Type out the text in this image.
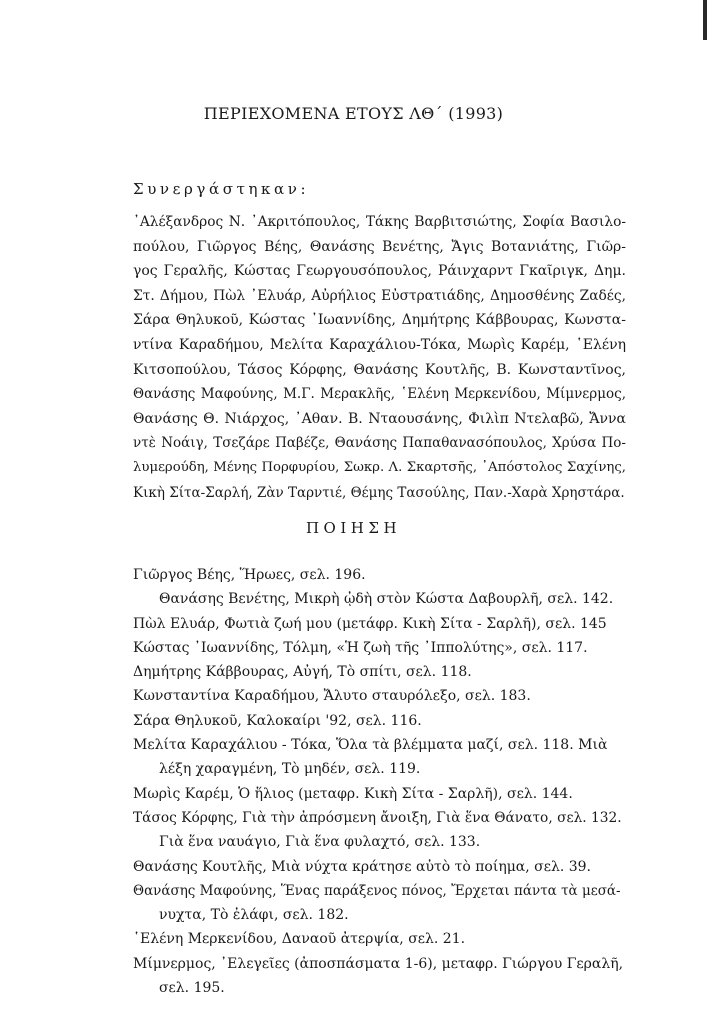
ΠΕΡΙΕΧΟΜΕΝΑ ΕΤΟΥΣ ΛΘ΄ (1993)
Συνεργάστηκαν:
᾿Αλέξανδρος Ν. ᾿Ακριτόπουλος, Τάκης Βαρβιτσιώτης, Σοφία Βασιλο-
πούλου, Γιῶργος Βέης, Θανάσης Βενέτης, Ἄγις Βοτανιάτης, Γιῶρ-
γος Γεραλῆς, Κώστας Γεωργουσόπουλος, Ράινχαρντ Γκαῖριγκ, Δημ.
Στ. Δήμου, Πὼλ ᾿Ελυάρ, Αὐρήλιος Εὐστρατιάδης, Δημοσθένης Ζαδές,
Σάρα Θηλυκοῦ, Κώστας ᾿Ιωαννίδης, Δημήτρης Κάββουρας, Κωνστα-
ντίνα Καραδήμου, Μελίτα Καραχάλιου-Τόκα, Μωρὶς Καρέμ, ῾Ελένη
Κιτσοπούλου, Τάσος Κόρφης, Θανάσης Κουτλῆς, Β. Κωνσταντῖνος,
Θανάσης Μαφούνης, Μ.Γ. Μερακλῆς, ῾Ελένη Μερκενίδου, Μίμνερμος,
Θανάσης Θ. Νιάρχος, ᾿Αθαν. Β. Νταουσάνης, Φιλὶπ Ντελαβῶ, Ἄννα
ντὲ Νοάιγ, Τσεζάρε Παβέζε, Θανάσης Παπαθανασόπουλος, Χρύσα Πο-
λυμερούδη, Μένης Πορφυρίου, Σωκρ. Λ. Σκαρτσῆς, ᾿Απόστολος Σαχίνης,
Κικὴ Σίτα-Σαρλή, Ζὰν Ταρντιέ, Θέμης Τασούλης, Παν.-Χαρὰ Χρηστάρα.
ΠΟΙΗΣΗ
Γιῶργος Βέης, Ἥρωες, σελ. 196.
Θανάσης Βενέτης, Μικρὴ ᾠδὴ στὸν Κώστα Δαβουρλῆ, σελ. 142.
Πὼλ Ελυάρ, Φωτιὰ ζωή μου (μετάφρ. Κικὴ Σίτα - Σαρλῆ), σελ. 145
Κώστας ᾿Ιωαννίδης, Τόλμη, «Ἡ ζωὴ τῆς ᾿Ιππολύτης», σελ. 117.
Δημήτρης Κάββουρας, Αὐγή, Τὸ σπίτι, σελ. 118.
Κωνσταντίνα Καραδήμου, Ἄλυτο σταυρόλεξο, σελ. 183.
Σάρα Θηλυκοῦ, Καλοκαίρι '92, σελ. 116.
Μελίτα Καραχάλιου - Τόκα, Ὅλα τὰ βλέμματα μαζί, σελ. 118. Μιὰ
λέξη χαραγμένη, Τὸ μηδέν, σελ. 119.
Μωρὶς Καρέμ, Ὁ ἥλιος (μεταφρ. Κικὴ Σίτα - Σαρλῆ), σελ. 144.
Τάσος Κόρφης, Γιὰ τὴν ἀπρόσμενη ἄνοιξη, Γιὰ ἕνα Θάνατο, σελ. 132.
Γιὰ ἕνα ναυάγιο, Γιὰ ἕνα φυλαχτό, σελ. 133.
Θανάσης Κουτλῆς, Μιὰ νύχτα κράτησε αὐτὸ τὸ ποίημα, σελ. 39.
Θανάσης Μαφούνης, Ἕνας παράξενος πόνος, Ἔρχεται πάντα τὰ μεσά-
νυχτα, Τὸ ἐλάφι, σελ. 182.
῾Ελένη Μερκενίδου, Δαναοῦ ἀτερψία, σελ. 21.
Μίμνερμος, ᾿Ελεγεῖες (ἀποσπάσματα 1-6), μεταφρ. Γιώργου Γεραλῆ,
σελ. 195.
